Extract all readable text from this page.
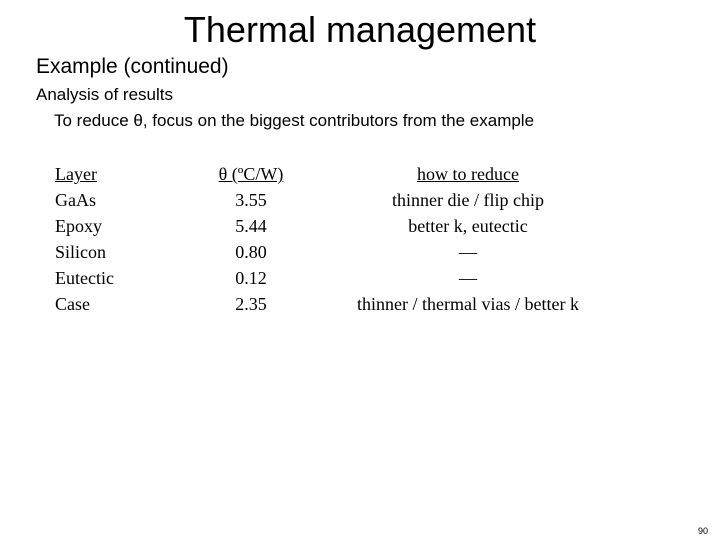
Thermal management
Example (continued)
Analysis of results
To reduce θ, focus on the biggest contributors from the example
Layer	θ (ºC/W)	how to reduce
GaAs	3.55	thinner die / flip chip
Epoxy	5.44	better k, eutectic
Silicon	0.80	—
Eutectic	0.12	—
Case	2.35	thinner / thermal vias / better k
90
